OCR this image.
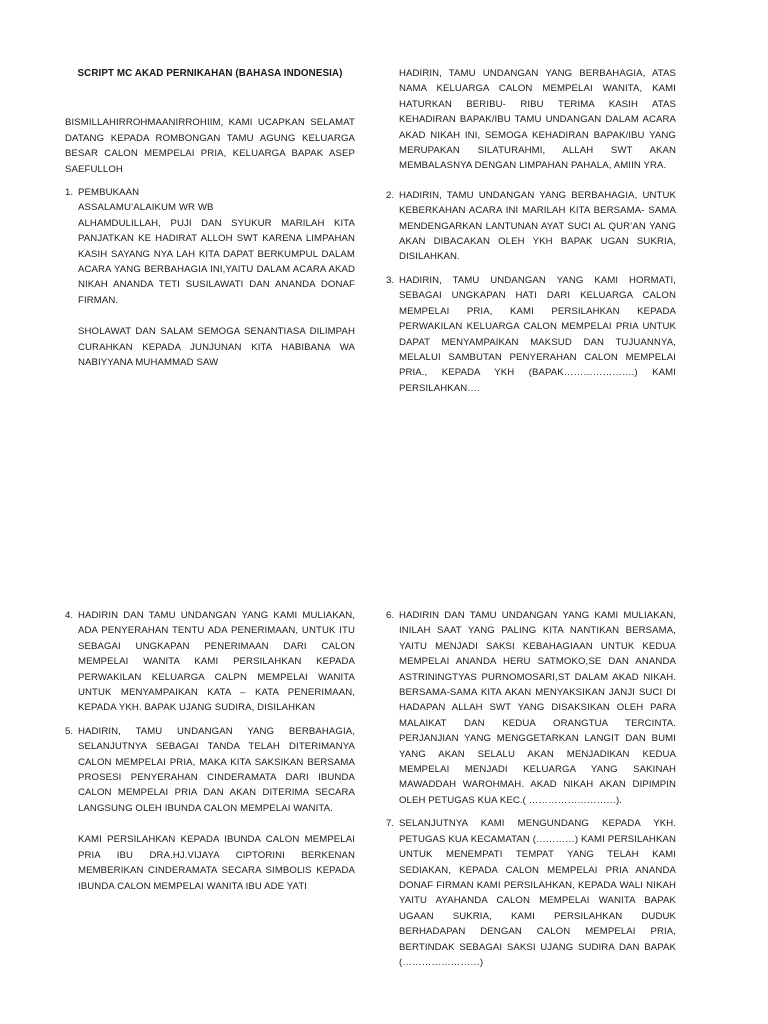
SCRIPT MC AKAD PERNIKAHAN (BAHASA INDONESIA)

BISMILLAHIRROHMAANIRROHIIM, KAMI UCAPKAN SELAMAT DATANG KEPADA ROMBONGAN TAMU AGUNG KELUARGA BESAR CALON MEMPELAI PRIA, KELUARGA BAPAK ASEP SAEFULLOH

1. PEMBUKAAN

ASSALAMU’ALAIKUM WR WB

ALHAMDULILLAH, PUJI DAN SYUKUR MARILAH KITA PANJATKAN KE HADIRAT ALLOH SWT KARENA LIMPAHAN KASIH SAYANG NYA LAH KITA DAPAT BERKUMPUL DALAM ACARA YANG BERBAHAGIA INI,YAITU DALAM ACARA AKAD NIKAH ANANDA TETI SUSILAWATI DAN ANANDA DONAF FIRMAN.

SHOLAWAT DAN SALAM SEMOGA SENANTIASA DILIMPAH CURAHKAN KEPADA JUNJUNAN KITA HABIBANA WA NABIYYANA MUHAMMAD SAW

HADIRIN, TAMU UNDANGAN YANG BERBAHAGIA, ATAS NAMA KELUARGA CALON MEMPELAI WANITA, KAMI HATURKAN BERIBU- RIBU TERIMA KASIH ATAS KEHADIRAN BAPAK/IBU TAMU UNDANGAN DALAM ACARA AKAD NIKAH INI, SEMOGA KEHADIRAN BAPAK/IBU YANG MERUPAKAN SILATURAHMI, ALLAH SWT AKAN MEMBALASNYA DENGAN LIMPAHAN PAHALA, AMIIN YRA.

2. HADIRIN, TAMU UNDANGAN YANG BERBAHAGIA, UNTUK KEBERKAHAN ACARA INI MARILAH KITA BERSAMA- SAMA MENDENGARKAN LANTUNAN AYAT SUCI AL QUR’AN YANG AKAN DIBACAKAN OLEH YKH BAPAK UGAN SUKRIA, DISILAHKAN.

3. HADIRIN, TAMU UNDANGAN YANG KAMI HORMATI, SEBAGAI UNGKAPAN HATI DARI KELUARGA CALON MEMPELAI PRIA, KAMI PERSILAHKAN KEPADA PERWAKILAN KELUARGA CALON MEMPELAI PRIA UNTUK DAPAT MENYAMPAIKAN MAKSUD DAN TUJUANNYA, MELALUI SAMBUTAN PENYERAHAN CALON MEMPELAI PRIA., KEPADA YKH (BAPAK………………….) KAMI PERSILAHKAN….

4. HADIRIN DAN TAMU UNDANGAN YANG KAMI MULIAKAN, ADA PENYERAHAN TENTU ADA PENERIMAAN, UNTUK ITU SEBAGAI UNGKAPAN PENERIMAAN DARI CALON MEMPELAI WANITA KAMI PERSILAHKAN KEPADA PERWAKILAN KELUARGA CALPN MEMPELAI WANITA UNTUK MENYAMPAIKAN KATA – KATA PENERIMAAN, KEPADA YKH. BAPAK UJANG SUDIRA, DISILAHKAN

5. HADIRIN, TAMU UNDANGAN YANG BERBAHAGIA, SELANJUTNYA SEBAGAI TANDA TELAH DITERIMANYA CALON MEMPELAI PRIA, MAKA KITA SAKSIKAN BERSAMA PROSESI PENYERAHAN CINDERAMATA DARI IBUNDA CALON MEMPELAI PRIA DAN AKAN DITERIMA SECARA LANGSUNG OLEH IBUNDA CALON MEMPELAI WANITA.

KAMI PERSILAHKAN KEPADA IBUNDA CALON MEMPELAI PRIA IBU DRA.HJ.VIJAYA CIPTORINI BERKENAN MEMBERIKAN CINDERAMATA SECARA SIMBOLIS KEPADA IBUNDA CALON MEMPELAI WANITA IBU ADE YATI

6. HADIRIN DAN TAMU UNDANGAN YANG KAMI MULIAKAN, INILAH SAAT YANG PALING KITA NANTIKAN BERSAMA, YAITU MENJADI SAKSI KEBAHAGIAAN UNTUK KEDUA MEMPELAI ANANDA HERU SATMOKO,SE DAN ANANDA ASTRININGTYAS PURNOMOSARI,ST DALAM AKAD NIKAH. BERSAMA-SAMA KITA AKAN MENYAKSIKAN JANJI SUCI DI HADAPAN ALLAH SWT YANG DISAKSIKAN OLEH PARA MALAIKAT DAN KEDUA ORANGTUA TERCINTA. PERJANJIAN YANG MENGGETARKAN LANGIT DAN BUMI YANG AKAN SELALU AKAN MENJADIKAN KEDUA MEMPELAI MENJADI KELUARGA YANG SAKINAH MAWADDAH WAROHMAH. AKAD NIKAH AKAN DIPIMPIN OLEH PETUGAS KUA KEC.( ………………………).

7. SELANJUTNYA KAMI MENGUNDANG KEPADA YKH. PETUGAS KUA KECAMATAN (…………) KAMI PERSILAHKAN UNTUK MENEMPATI TEMPAT YANG TELAH KAMI SEDIAKAN, KEPADA CALON MEMPELAI PRIA ANANDA DONAF FIRMAN KAMI PERSILAHKAN, KEPADA WALI NIKAH YAITU AYAHANDA CALON MEMPELAI WANITA BAPAK UGAAN SUKRIA, KAMI PERSILAHKAN DUDUK BERHADAPAN DENGAN CALON MEMPELAI PRIA, BERTINDAK SEBAGAI SAKSI UJANG SUDIRA DAN BAPAK (……………………)
